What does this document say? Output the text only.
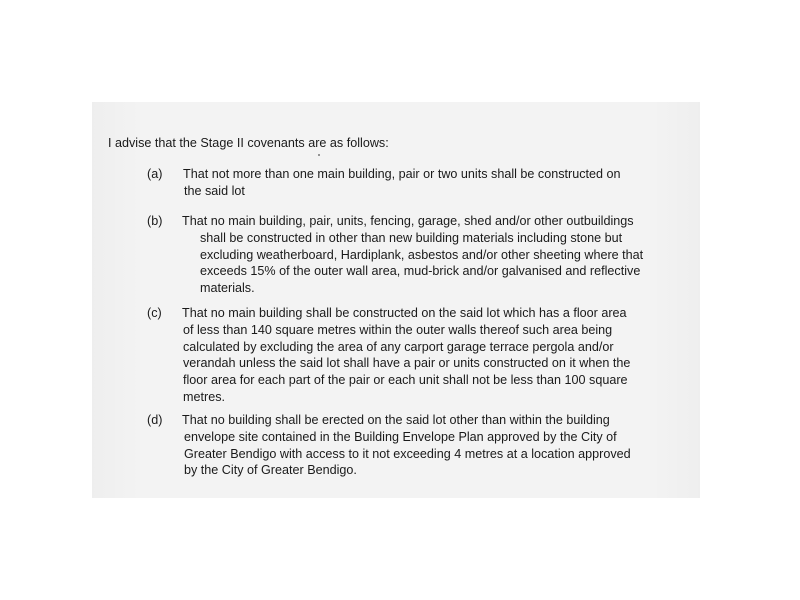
I advise that the Stage II covenants are as follows:
(a) That not more than one main building, pair or two units shall be constructed on
the said lot
(b) That no main building, pair, units, fencing, garage, shed and/or other outbuildings
shall be constructed in other than new building materials including stone but
excluding weatherboard, Hardiplank, asbestos and/or other sheeting where that
exceeds 15% of the outer wall area, mud-brick and/or galvanised and reflective
materials.
(c) That no main building shall be constructed on the said lot which has a floor area
of less than 140 square metres within the outer walls thereof such area being
calculated by excluding the area of any carport garage terrace pergola and/or
verandah unless the said lot shall have a pair or units constructed on it when the
floor area for each part of the pair or each unit shall not be less than 100 square
metres.
(d) That no building shall be erected on the said lot other than within the building
envelope site contained in the Building Envelope Plan approved by the City of
Greater Bendigo with access to it not exceeding 4 metres at a location approved
by the City of Greater Bendigo.
